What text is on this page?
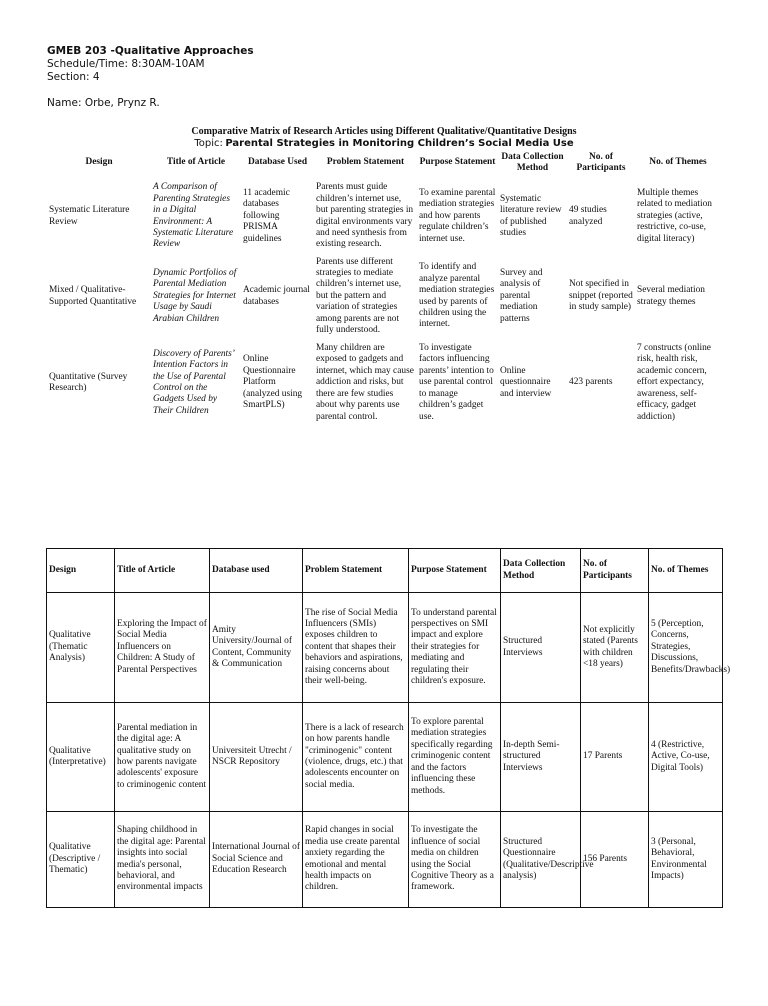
GMEB 203 -Qualitative Approaches
Schedule/Time: 8:30AM-10AM
Section: 4
Name: Orbe, Prynz R.
Comparative Matrix of Research Articles using Different Qualitative/Quantitative Designs
Topic: Parental Strategies in Monitoring Children’s Social Media Use
Design	Title of Article	Database Used	Problem Statement	Purpose Statement	Data Collection Method	No. of Participants	No. of Themes
Systematic Literature Review	A Comparison of Parenting Strategies in a Digital Environment: A Systematic Literature Review	11 academic databases following PRISMA guidelines	Parents must guide children’s internet use, but parenting strategies in digital environments vary and need synthesis from existing research.	To examine parental mediation strategies and how parents regulate children’s internet use.	Systematic literature review of published studies	49 studies analyzed	Multiple themes related to mediation strategies (active, restrictive, co-use, digital literacy)
Mixed / Qualitative-Supported Quantitative	Dynamic Portfolios of Parental Mediation Strategies for Internet Usage by Saudi Arabian Children	Academic journal databases	Parents use different strategies to mediate children’s internet use, but the pattern and variation of strategies among parents are not fully understood.	To identify and analyze parental mediation strategies used by parents of children using the internet.	Survey and analysis of parental mediation patterns	Not specified in snippet (reported in study sample)	Several mediation strategy themes
Quantitative (Survey Research)	Discovery of Parents’ Intention Factors in the Use of Parental Control on the Gadgets Used by Their Children	Online Questionnaire Platform (analyzed using SmartPLS)	Many children are exposed to gadgets and internet, which may cause addiction and risks, but there are few studies about why parents use parental control.	To investigate factors influencing parents’ intention to use parental control to manage children’s gadget use.	Online questionnaire and interview	423 parents	7 constructs (online risk, health risk, academic concern, effort expectancy, awareness, self-efficacy, gadget addiction)
Design	Title of Article	Database used	Problem Statement	Purpose Statement	Data Collection Method	No. of Participants	No. of Themes
Qualitative (Thematic Analysis)	Exploring the Impact of Social Media Influencers on Children: A Study of Parental Perspectives	Amity University/Journal of Content, Community & Communication	The rise of Social Media Influencers (SMIs) exposes children to content that shapes their behaviors and aspirations, raising concerns about their well-being.	To understand parental perspectives on SMI impact and explore their strategies for mediating and regulating their children's exposure.	Structured Interviews	Not explicitly stated (Parents with children <18 years)	5 (Perception, Concerns, Strategies, Discussions, Benefits/Drawbacks)
Qualitative (Interpretative)	Parental mediation in the digital age: A qualitative study on how parents navigate adolescents' exposure to criminogenic content	Universiteit Utrecht / NSCR Repository	There is a lack of research on how parents handle "criminogenic" content (violence, drugs, etc.) that adolescents encounter on social media.	To explore parental mediation strategies specifically regarding criminogenic content and the factors influencing these methods.	In-depth Semi-structured Interviews	17 Parents	4 (Restrictive, Active, Co-use, Digital Tools)
Qualitative (Descriptive / Thematic)	Shaping childhood in the digital age: Parental insights into social media's personal, behavioral, and environmental impacts	International Journal of Social Science and Education Research	Rapid changes in social media use create parental anxiety regarding the emotional and mental health impacts on children.	To investigate the influence of social media on children using the Social Cognitive Theory as a framework.	Structured Questionnaire (Qualitative/Descriptive analysis)	156 Parents	3 (Personal, Behavioral, Environmental Impacts)
